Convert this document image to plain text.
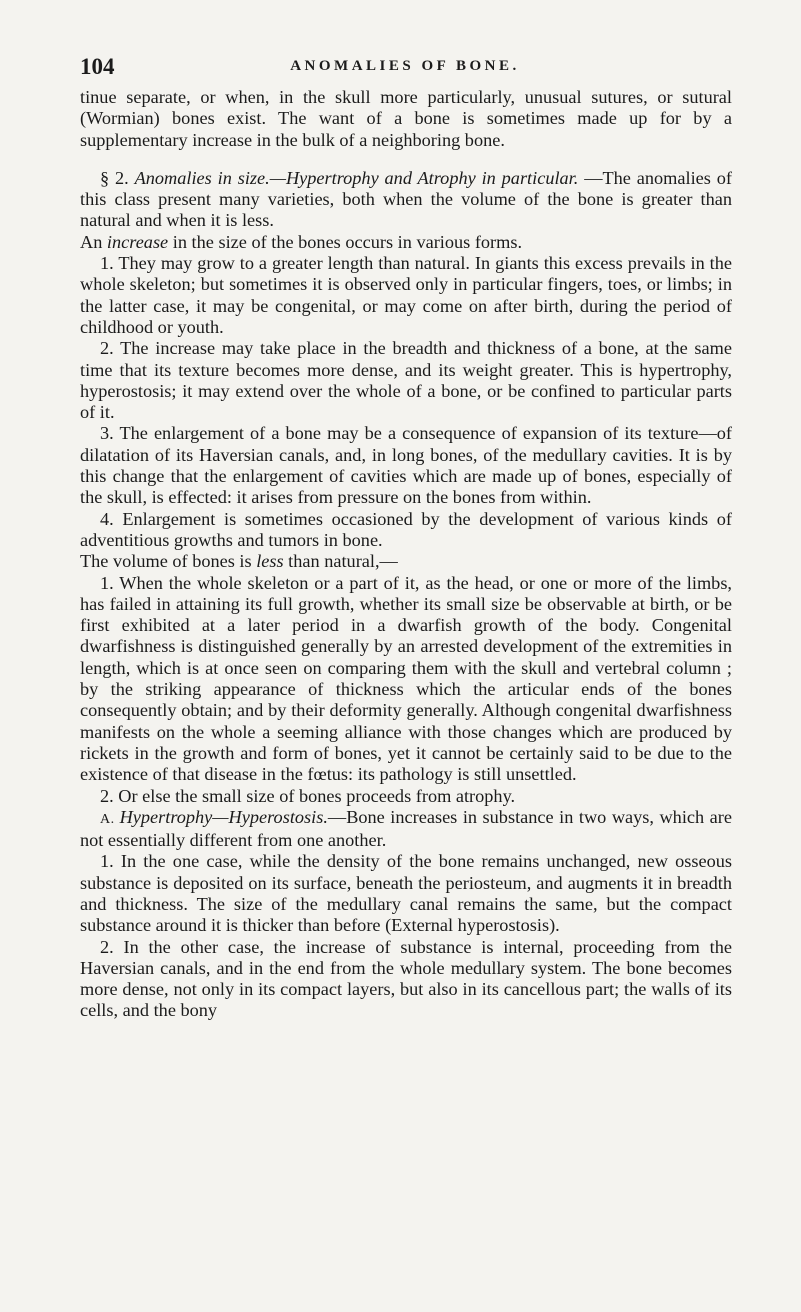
104	ANOMALIES OF BONE.

tinue separate, or when, in the skull more particularly, unusual sutures, or sutural (Wormian) bones exist. The want of a bone is sometimes made up for by a supplementary increase in the bulk of a neighboring bone.

§ 2. Anomalies in size.—Hypertrophy and Atrophy in particular. —The anomalies of this class present many varieties, both when the volume of the bone is greater than natural and when it is less.

An increase in the size of the bones occurs in various forms.

1. They may grow to a greater length than natural. In giants this excess prevails in the whole skeleton; but sometimes it is observed only in particular fingers, toes, or limbs; in the latter case, it may be congenital, or may come on after birth, during the period of childhood or youth.

2. The increase may take place in the breadth and thickness of a bone, at the same time that its texture becomes more dense, and its weight greater. This is hypertrophy, hyperostosis; it may extend over the whole of a bone, or be confined to particular parts of it.

3. The enlargement of a bone may be a consequence of expansion of its texture—of dilatation of its Haversian canals, and, in long bones, of the medullary cavities. It is by this change that the enlargement of cavities which are made up of bones, especially of the skull, is effected: it arises from pressure on the bones from within.

4. Enlargement is sometimes occasioned by the development of various kinds of adventitious growths and tumors in bone.

The volume of bones is less than natural,—

1. When the whole skeleton or a part of it, as the head, or one or more of the limbs, has failed in attaining its full growth, whether its small size be observable at birth, or be first exhibited at a later period in a dwarfish growth of the body. Congenital dwarfishness is distinguished generally by an arrested development of the extremities in length, which is at once seen on comparing them with the skull and vertebral column ; by the striking appearance of thickness which the articular ends of the bones consequently obtain; and by their deformity generally. Although congenital dwarfishness manifests on the whole a seeming alliance with those changes which are produced by rickets in the growth and form of bones, yet it cannot be certainly said to be due to the existence of that disease in the fœtus: its pathology is still unsettled.

2. Or else the small size of bones proceeds from atrophy.

A. Hypertrophy—Hyperostosis.—Bone increases in substance in two ways, which are not essentially different from one another.

1. In the one case, while the density of the bone remains unchanged, new osseous substance is deposited on its surface, beneath the periosteum, and augments it in breadth and thickness. The size of the medullary canal remains the same, but the compact substance around it is thicker than before (External hyperostosis).

2. In the other case, the increase of substance is internal, proceeding from the Haversian canals, and in the end from the whole medullary system. The bone becomes more dense, not only in its compact layers, but also in its cancellous part; the walls of its cells, and the bony
